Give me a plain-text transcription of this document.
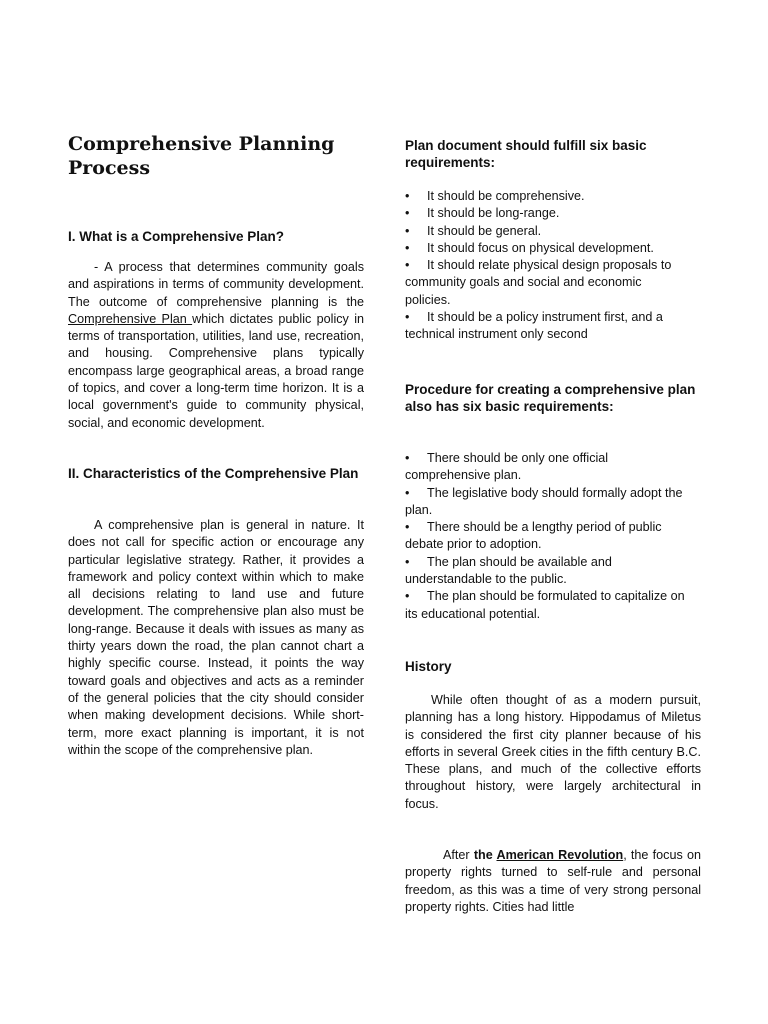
Comprehensive Planning Process
I. What is a Comprehensive Plan?

- A process that determines community goals and aspirations in terms of community development. The outcome of comprehensive planning is the Comprehensive Plan which dictates public policy in terms of transportation, utilities, land use, recreation, and housing. Comprehensive plans typically encompass large geographical areas, a broad range of topics, and cover a long-term time horizon. It is a local government's guide to community physical, social, and economic development.

II. Characteristics of the Comprehensive Plan

A comprehensive plan is general in nature. It does not call for specific action or encourage any particular legislative strategy. Rather, it provides a framework and policy context within which to make all decisions relating to land use and future development. The comprehensive plan also must be long-range. Because it deals with issues as many as thirty years down the road, the plan cannot chart a highly specific course. Instead, it points the way toward goals and objectives and acts as a reminder of the general policies that the city should consider when making development decisions. While short-term, more exact planning is important, it is not within the scope of the comprehensive plan.

Plan document should fulfill six basic requirements:
• It should be comprehensive.
• It should be long-range.
• It should be general.
• It should focus on physical development.
• It should relate physical design proposals to community goals and social and economic policies.
• It should be a policy instrument first, and a technical instrument only second
Procedure for creating a comprehensive plan also has six basic requirements:
• There should be only one official comprehensive plan.
• The legislative body should formally adopt the plan.
• There should be a lengthy period of public debate prior to adoption.
• The plan should be available and understandable to the public.
• The plan should be formulated to capitalize on its educational potential.
History

While often thought of as a modern pursuit, planning has a long history. Hippodamus of Miletus is considered the first city planner because of his efforts in several Greek cities in the fifth century B.C. These plans, and much of the collective efforts throughout history, were largely architectural in focus.

After the American Revolution, the focus on property rights turned to self-rule and personal freedom, as this was a time of very strong personal property rights. Cities had little
